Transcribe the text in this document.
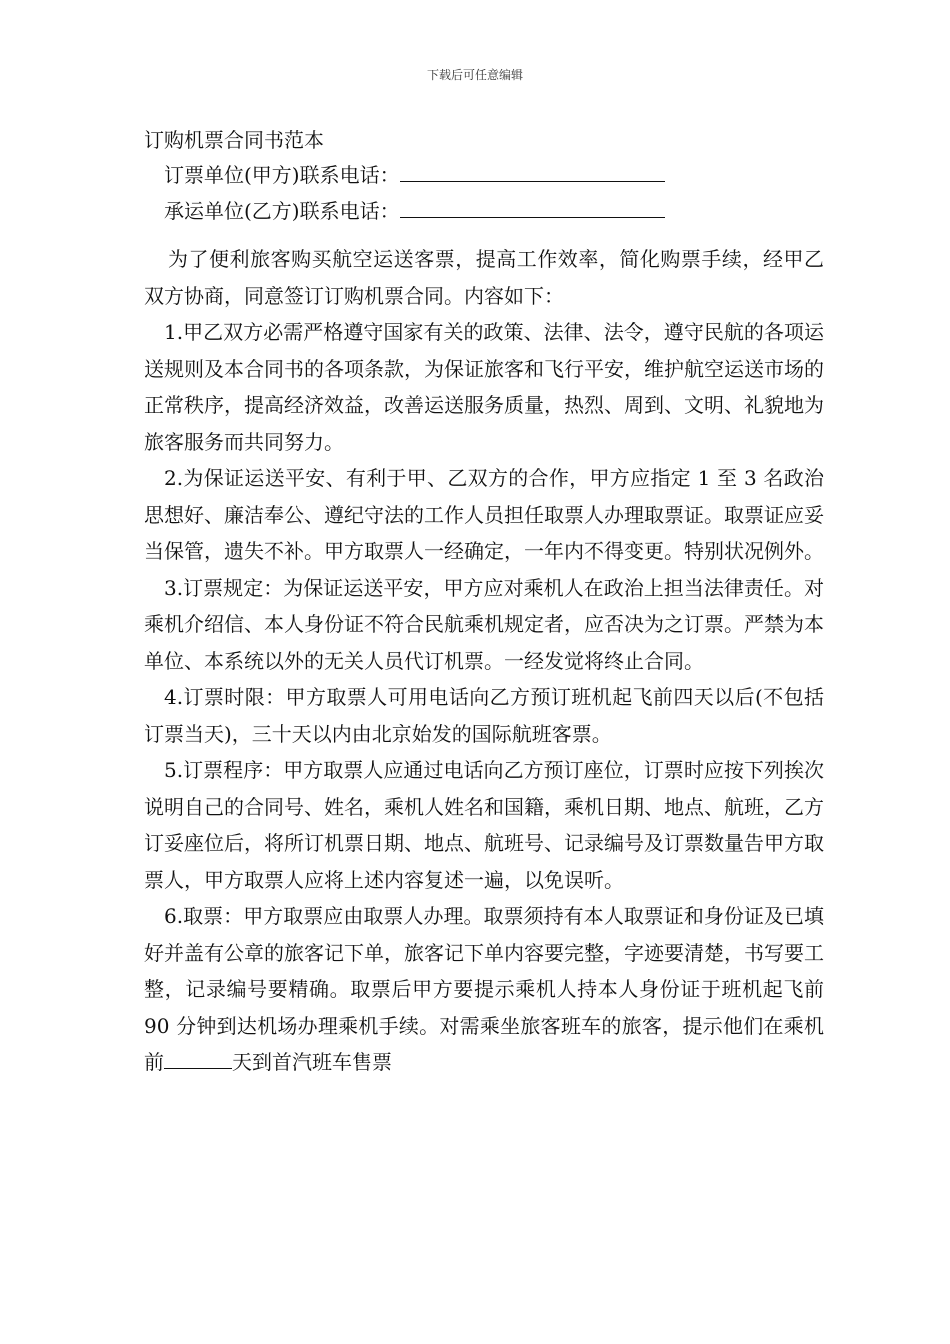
下载后可任意编辑
订购机票合同书范本
订票单位(甲方)联系电话：
承运单位(乙方)联系电话：

为了便利旅客购买航空运送客票，提高工作效率，简化购票手续，经甲乙双方协商，同意签订订购机票合同。内容如下：

1.甲乙双方必需严格遵守国家有关的政策、法律、法令，遵守民航的各项运送规则及本合同书的各项条款，为保证旅客和飞行平安，维护航空运送市场的正常秩序，提高经济效益，改善运送服务质量，热烈、周到、文明、礼貌地为旅客服务而共同努力。

2.为保证运送平安、有利于甲、乙双方的合作，甲方应指定 1 至 3 名政治思想好、廉洁奉公、遵纪守法的工作人员担任取票人办理取票证。取票证应妥当保管，遗失不补。甲方取票人一经确定，一年内不得变更。特别状况例外。

3.订票规定：为保证运送平安，甲方应对乘机人在政治上担当法律责任。对乘机介绍信、本人身份证不符合民航乘机规定者，应否决为之订票。严禁为本单位、本系统以外的无关人员代订机票。一经发觉将终止合同。

4.订票时限：甲方取票人可用电话向乙方预订班机起飞前四天以后(不包括订票当天)，三十天以内由北京始发的国际航班客票。

5.订票程序：甲方取票人应通过电话向乙方预订座位，订票时应按下列挨次说明自己的合同号、姓名，乘机人姓名和国籍，乘机日期、地点、航班，乙方订妥座位后，将所订机票日期、地点、航班号、记录编号及订票数量告甲方取票人，甲方取票人应将上述内容复述一遍，以免误听。

6.取票：甲方取票应由取票人办理。取票须持有本人取票证和身份证及已填好并盖有公章的旅客记下单，旅客记下单内容要完整，字迹要清楚，书写要工整，记录编号要精确。取票后甲方要提示乘机人持本人身份证于班机起飞前 90 分钟到达机场办理乘机手续。对需乘坐旅客班车的旅客，提示他们在乘机前	天到首汽班车售票
